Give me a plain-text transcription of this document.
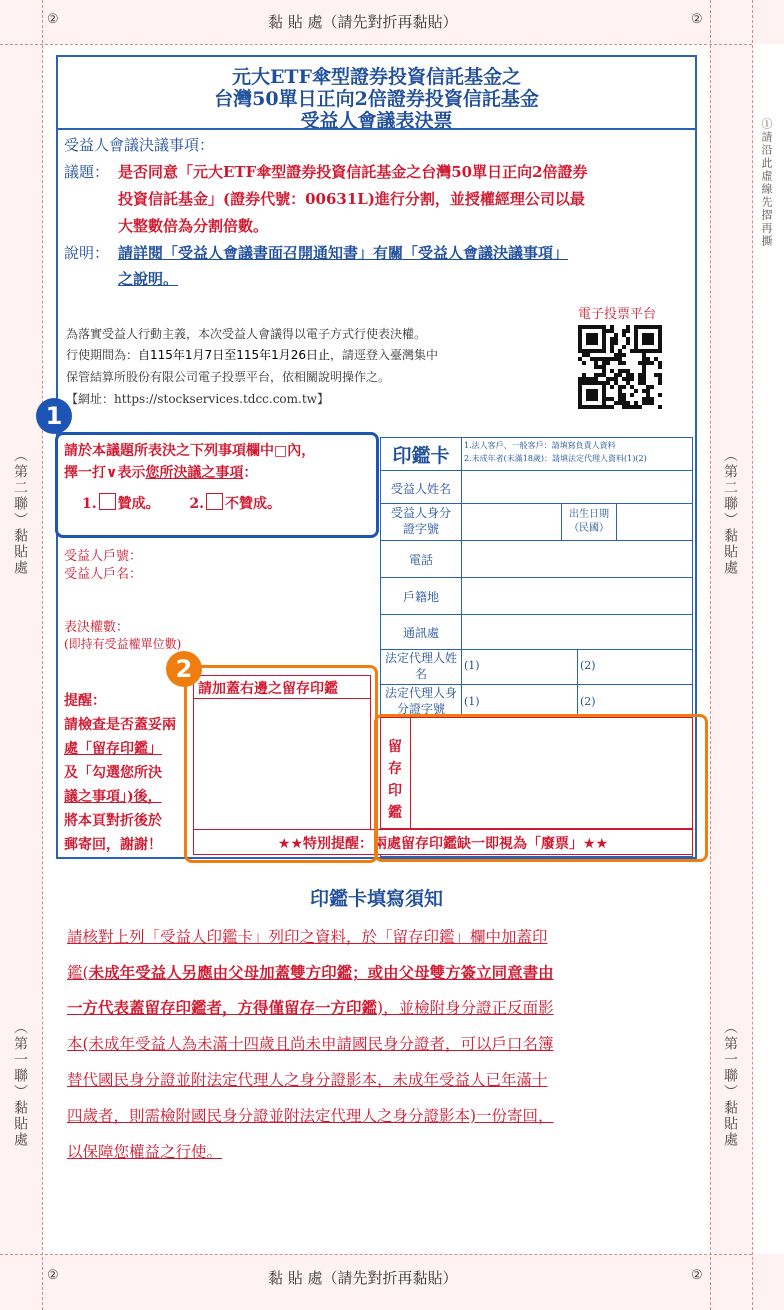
②	黏 貼 處（請先對折再黏貼）	②
②	黏 貼 處（請先對折再黏貼）	②
①請沿此虛線先摺再撕
（第二聯）黏貼處	（第二聯）黏貼處
（第一聯）黏貼處	（第一聯）黏貼處
元大ETF傘型證券投資信託基金之
台灣50單日正向2倍證券投資信託基金
受益人會議表決票
受益人會議決議事項：
議題： 是否同意「元大ETF傘型證券投資信託基金之台灣50單日正向2倍證券
投資信託基金」(證券代號：00631L)進行分割，並授權經理公司以最
大整數倍為分割倍數。
說明： 請詳閱「受益人會議書面召開通知書」有關「受益人會議決議事項」
之說明。
電子投票平台
為落實受益人行動主義，本次受益人會議得以電子方式行使表決權。
行使期間為：自115年1月7日至115年1月26日止，請逕登入臺灣集中
保管結算所股份有限公司電子投票平台，依相關說明操作之。
【網址：https://stockservices.tdcc.com.tw】
1
請於本議題所表決之下列事項欄中□內，
擇一打∨表示您所決議之事項：
1. 贊成。 2. 不贊成。
受益人戶號：
受益人戶名：
表決權數：
(即持有受益權單位數)
提醒：
請檢查是否蓋妥兩
處「留存印鑑」
及「勾選您所決
議之事項」)後，
將本頁對折後於
郵寄回，謝謝！
請加蓋右邊之留存印鑑
印鑑卡	1.法人客戶、一般客戶：請填寫負責人資料
2.未成年者(未滿18歲)：請填法定代理人資料(1)(2)
受益人姓名
受益人身分證字號
出生日期（民國）
電話
戶籍地
通訊處
法定代理人姓名
(1)	(2)
法定代理人身分證字號
(1)	(2)
留存印鑑
★★特別提醒：兩處留存印鑑缺一即視為「廢票」★★
2
印鑑卡填寫須知
請核對上列「受益人印鑑卡」列印之資料，於「留存印鑑」欄中加蓋印
鑑(未成年受益人另應由父母加蓋雙方印鑑；或由父母雙方簽立同意書由
一方代表蓋留存印鑑者，方得僅留存一方印鑑)，並檢附身分證正反面影
本(未成年受益人為未滿十四歲且尚未申請國民身分證者，可以戶口名簿
替代國民身分證並附法定代理人之身分證影本，未成年受益人已年滿十
四歲者，則需檢附國民身分證並附法定代理人之身分證影本)一份寄回，
以保障您權益之行使。
